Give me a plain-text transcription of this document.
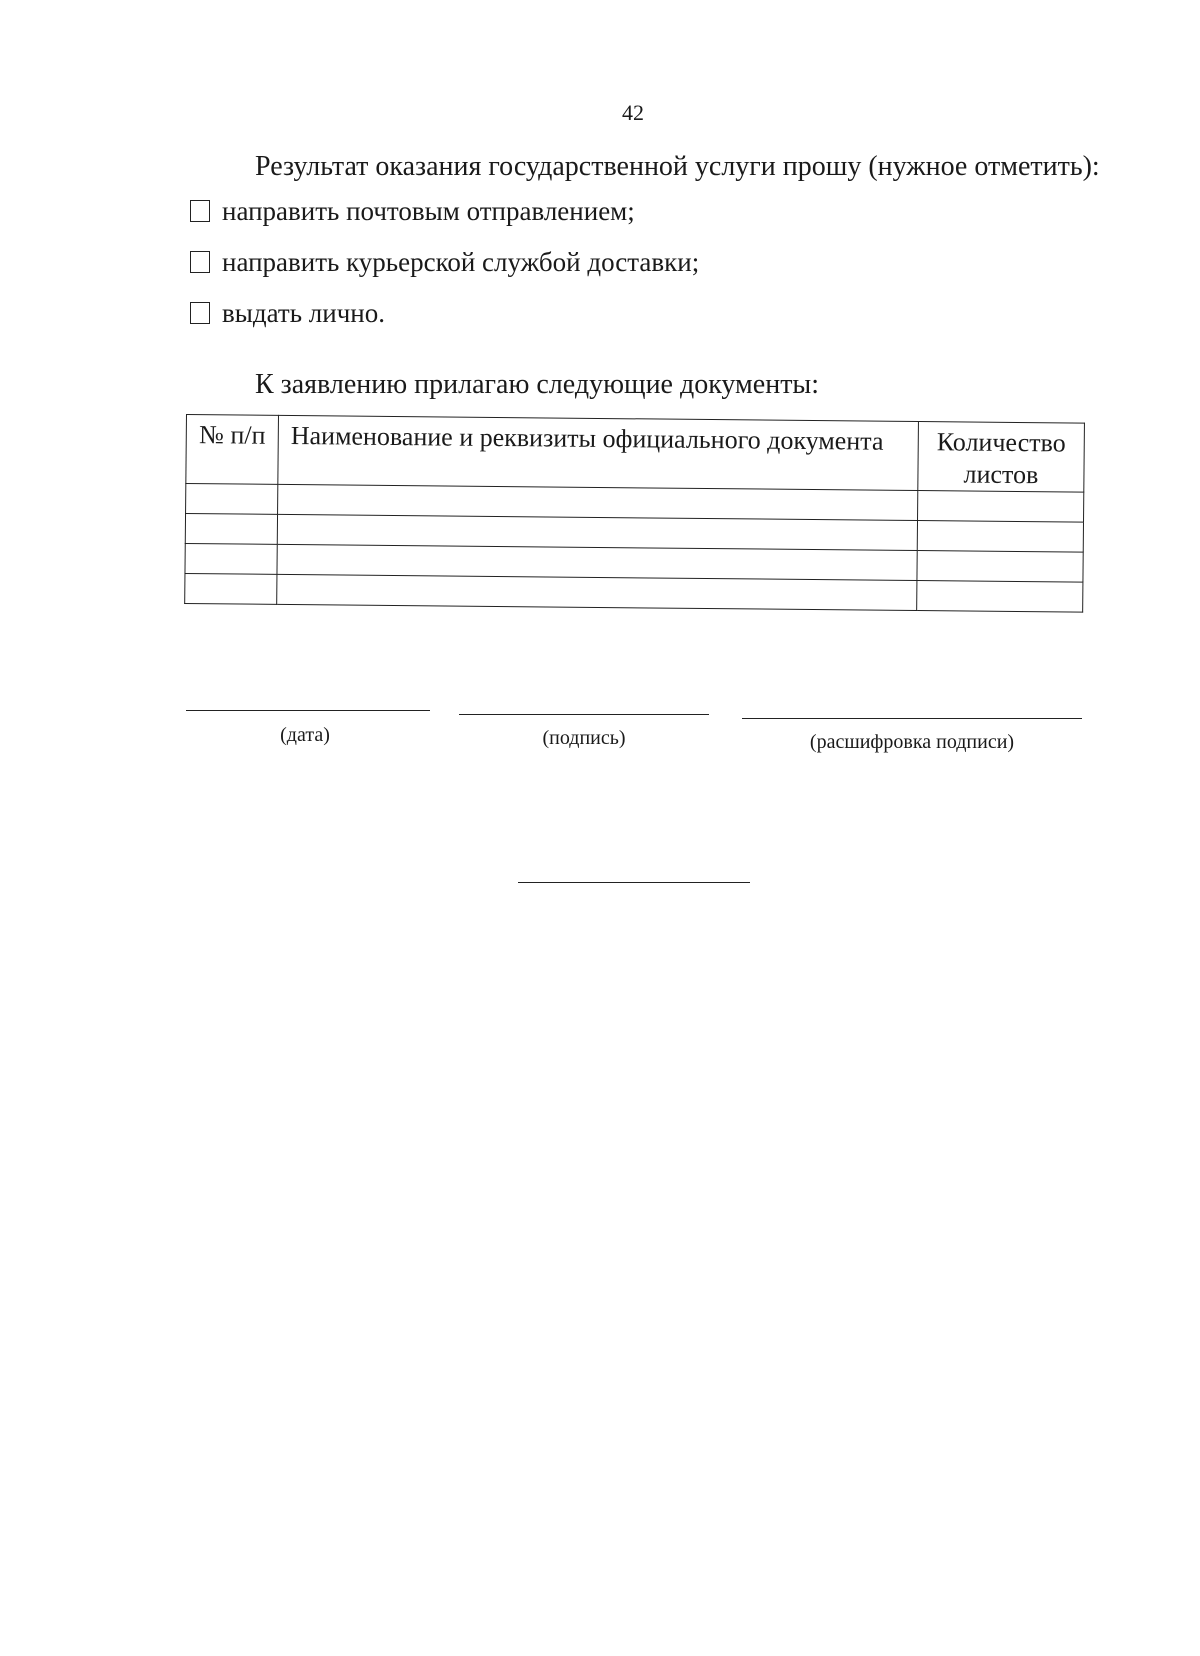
42
Результат оказания государственной услуги прошу (нужное отметить):
направить почтовым отправлением;
направить курьерской службой доставки;
выдать лично.
К заявлению прилагаю следующие документы:
№ п/п	Наименование и реквизиты официального документа	Количество листов

(дата)	(подпись)	(расшифровка подписи)
